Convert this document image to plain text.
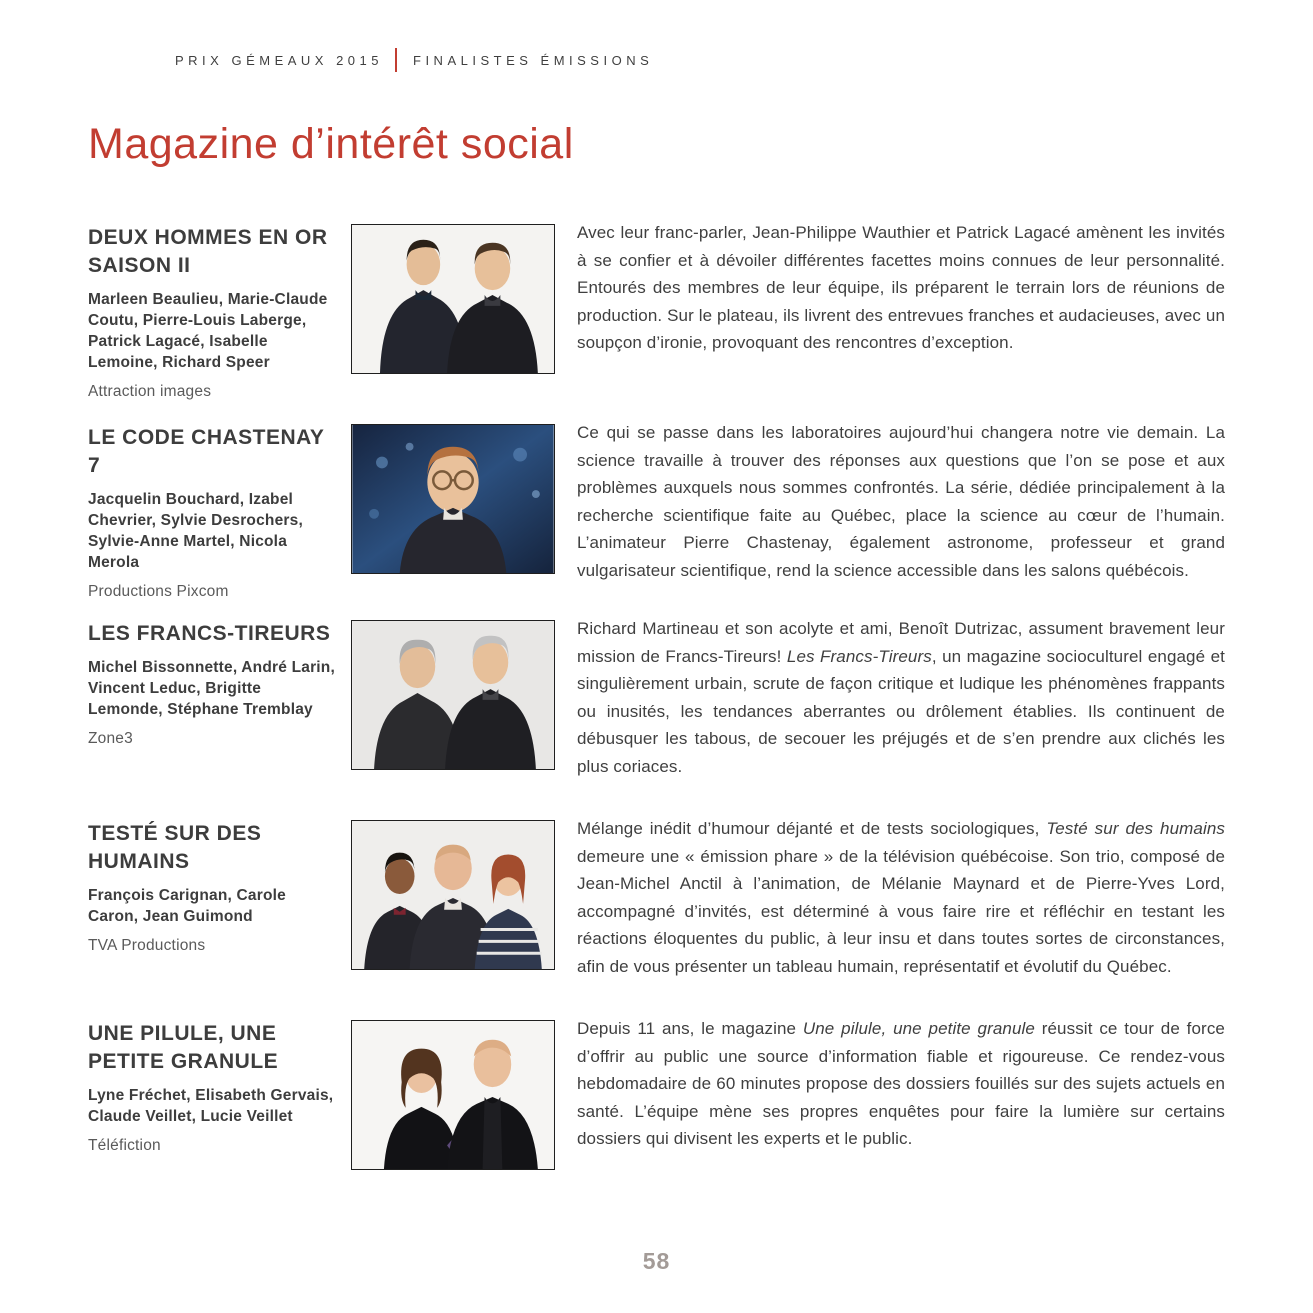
PRIX GÉMEAUX 2015 FINALISTES ÉMISSIONS
Magazine d’intérêt social
DEUX HOMMES EN OR SAISON II
Marleen Beaulieu, Marie-Claude Coutu, Pierre-Louis Laberge, Patrick Lagacé, Isabelle Lemoine, Richard Speer
Attraction images

Avec leur franc-parler, Jean-Philippe Wauthier et Patrick Lagacé amènent les invités à se confier et à dévoiler différentes facettes moins connues de leur personnalité. Entourés des membres de leur équipe, ils préparent le terrain lors de réunions de production. Sur le plateau, ils livrent des entrevues franches et audacieuses, avec un soupçon d’ironie, provoquant des rencontres d’exception.

LE CODE CHASTENAY 7
Jacquelin Bouchard, Izabel Chevrier, Sylvie Desrochers, Sylvie-Anne Martel, Nicola Merola
Productions Pixcom

Ce qui se passe dans les laboratoires aujourd’hui changera notre vie demain. La science travaille à trouver des réponses aux questions que l’on se pose et aux problèmes auxquels nous sommes confrontés. La série, dédiée principalement à la recherche scientifique faite au Québec, place la science au cœur de l’humain. L’animateur Pierre Chastenay, également astronome, professeur et grand vulgarisateur scientifique, rend la science accessible dans les salons québécois.

LES FRANCS-TIREURS
Michel Bissonnette, André Larin, Vincent Leduc, Brigitte Lemonde, Stéphane Tremblay
Zone3

Richard Martineau et son acolyte et ami, Benoît Dutrizac, assument bravement leur mission de Francs-Tireurs! Les Francs-Tireurs, un magazine socioculturel engagé et singulièrement urbain, scrute de façon critique et ludique les phénomènes frappants ou inusités, les tendances aberrantes ou drôlement établies. Ils continuent de débusquer les tabous, de secouer les préjugés et de s’en prendre aux clichés les plus coriaces.

TESTÉ SUR DES HUMAINS
François Carignan, Carole Caron, Jean Guimond
TVA Productions

Mélange inédit d’humour déjanté et de tests sociologiques, Testé sur des humains demeure une « émission phare » de la télévision québécoise. Son trio, composé de Jean-Michel Anctil à l’animation, de Mélanie Maynard et de Pierre-Yves Lord, accompagné d’invités, est déterminé à vous faire rire et réfléchir en testant les réactions éloquentes du public, à leur insu et dans toutes sortes de circonstances, afin de vous présenter un tableau humain, représentatif et évolutif du Québec.

UNE PILULE, UNE PETITE GRANULE
Lyne Fréchet, Elisabeth Gervais, Claude Veillet, Lucie Veillet
Téléfiction

Depuis 11 ans, le magazine Une pilule, une petite granule réussit ce tour de force d’offrir au public une source d’information fiable et rigoureuse. Ce rendez-vous hebdomadaire de 60 minutes propose des dossiers fouillés sur des sujets actuels en santé. L’équipe mène ses propres enquêtes pour faire la lumière sur certains dossiers qui divisent les experts et le public.

58
